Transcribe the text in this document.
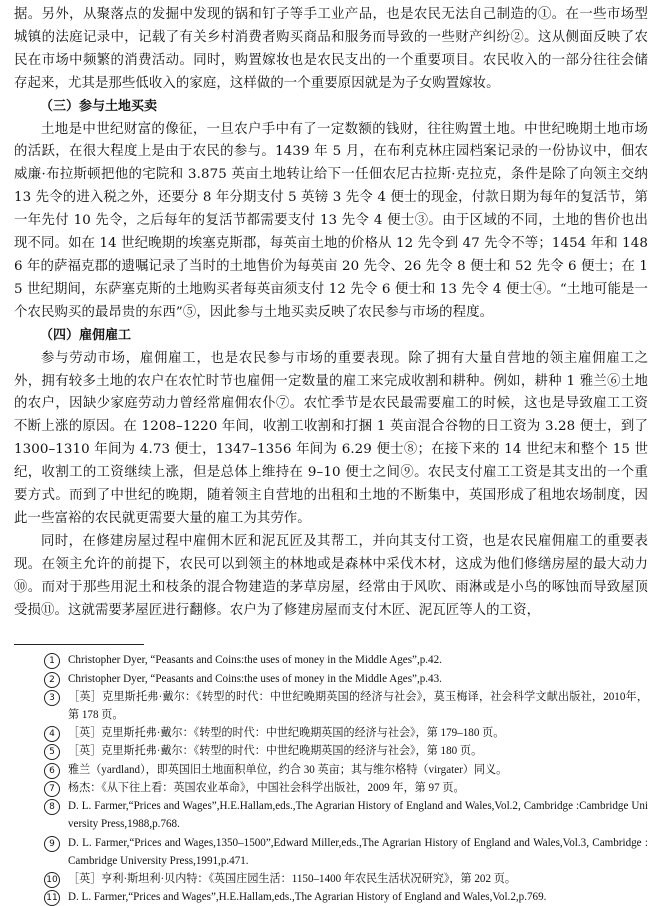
据。另外，从聚落点的发掘中发现的锅和钉子等手工业产品，也是农民无法自己制造的①。在一些市场型城镇的法庭记录中，记载了有关乡村消费者购买商品和服务而导致的一些财产纠纷②。这从侧面反映了农民在市场中频繁的消费活动。同时，购置嫁妆也是农民支出的一个重要项目。农民收入的一部分往往会储存起来，尤其是那些低收入的家庭，这样做的一个重要原因就是为子女购置嫁妆。

（三）参与土地买卖

土地是中世纪财富的像征，一旦农户手中有了一定数额的钱财，往往购置土地。中世纪晚期土地市场的活跃，在很大程度上是由于农民的参与。1439 年 5 月，在布利克林庄园档案记录的一份协议中，佃农威廉·布拉斯顿把他的宅院和 3.875 英亩土地转让给下一任佃农尼古拉斯·克拉克，条件是除了向领主交纳 13 先令的进入税之外，还要分 8 年分期支付 5 英镑 3 先令 4 便士的现金，付款日期为每年的复活节，第一年先付 10 先令，之后每年的复活节都需要支付 13 先令 4 便士③。由于区域的不同，土地的售价也出现不同。如在 14 世纪晚期的埃塞克斯郡，每英亩土地的价格从 12 先令到 47 先令不等；1454 年和 1486 年的萨福克郡的遗嘱记录了当时的土地售价为每英亩 20 先令、26 先令 8 便士和 52 先令 6 便士；在 15 世纪期间，东萨塞克斯的土地购买者每英亩须支付 12 先令 6 便士和 13 先令 4 便士④。“土地可能是一个农民购买的最昂贵的东西”⑤，因此参与土地买卖反映了农民参与市场的程度。

（四）雇佣雇工

参与劳动市场，雇佣雇工，也是农民参与市场的重要表现。除了拥有大量自营地的领主雇佣雇工之外，拥有较多土地的农户在农忙时节也雇佣一定数量的雇工来完成收割和耕种。例如，耕种 1 雅兰⑥土地的农户，因缺少家庭劳动力曾经常雇佣农仆⑦。农忙季节是农民最需要雇工的时候，这也是导致雇工工资不断上涨的原因。在 1208–1220 年间，收割工收割和打捆 1 英亩混合谷物的日工资为 3.28 便士，到了 1300–1310 年间为 4.73 便士，1347–1356 年间为 6.29 便士⑧；在接下来的 14 世纪末和整个 15 世纪，收割工的工资继续上涨，但是总体上维持在 9–10 便士之间⑨。农民支付雇工工资是其支出的一个重要方式。而到了中世纪的晚期，随着领主自营地的出租和土地的不断集中，英国形成了租地农场制度，因此一些富裕的农民就更需要大量的雇工为其劳作。

同时，在修建房屋过程中雇佣木匠和泥瓦匠及其帮工，并向其支付工资，也是农民雇佣雇工的重要表现。在领主允许的前提下，农民可以到领主的林地或是森林中采伐木材，这成为他们修缮房屋的最大动力⑩。而对于那些用泥土和枝条的混合物建造的茅草房屋，经常由于风吹、雨淋或是小鸟的啄蚀而导致屋顶受损⑪。这就需要茅屋匠进行翻修。农户为了修建房屋而支付木匠、泥瓦匠等人的工资，

1 Christopher Dyer, “Peasants and Coins:the uses of money in the Middle Ages”,p.42.
2 Christopher Dyer, “Peasants and Coins:the uses of money in the Middle Ages”,p.43.
3 ［英］克里斯托弗·戴尔：《转型的时代：中世纪晚期英国的经济与社会》，莫玉梅译，社会科学文献出版社，2010年，第 178 页。
4 ［英］克里斯托弗·戴尔：《转型的时代：中世纪晚期英国的经济与社会》，第 179–180 页。
5 ［英］克里斯托弗·戴尔：《转型的时代：中世纪晚期英国的经济与社会》，第 180 页。
6 雅兰（yardland），即英国旧土地面积单位，约合 30 英亩；其与维尔格特（virgater）同义。
7 杨杰：《从下往上看：英国农业革命》，中国社会科学出版社，2009 年，第 97 页。
8 D. L. Farmer,“Prices and Wages”,H.E.Hallam,eds.,The Agrarian History of England and Wales,Vol.2, Cambridge :Cambridge University Press,1988,p.768.
9 D. L. Farmer,“Prices and Wages,1350–1500”,Edward Miller,eds.,The Agrarian History of England and Wales,Vol.3, Cambridge :Cambridge University Press,1991,p.471.
10 ［英］亨利·斯坦利·贝内特：《英国庄园生活：1150–1400 年农民生活状况研究》，第 202 页。
11 D. L. Farmer,“Prices and Wages”,H.E.Hallam,eds.,The Agrarian History of England and Wales,Vol.2,p.769.
